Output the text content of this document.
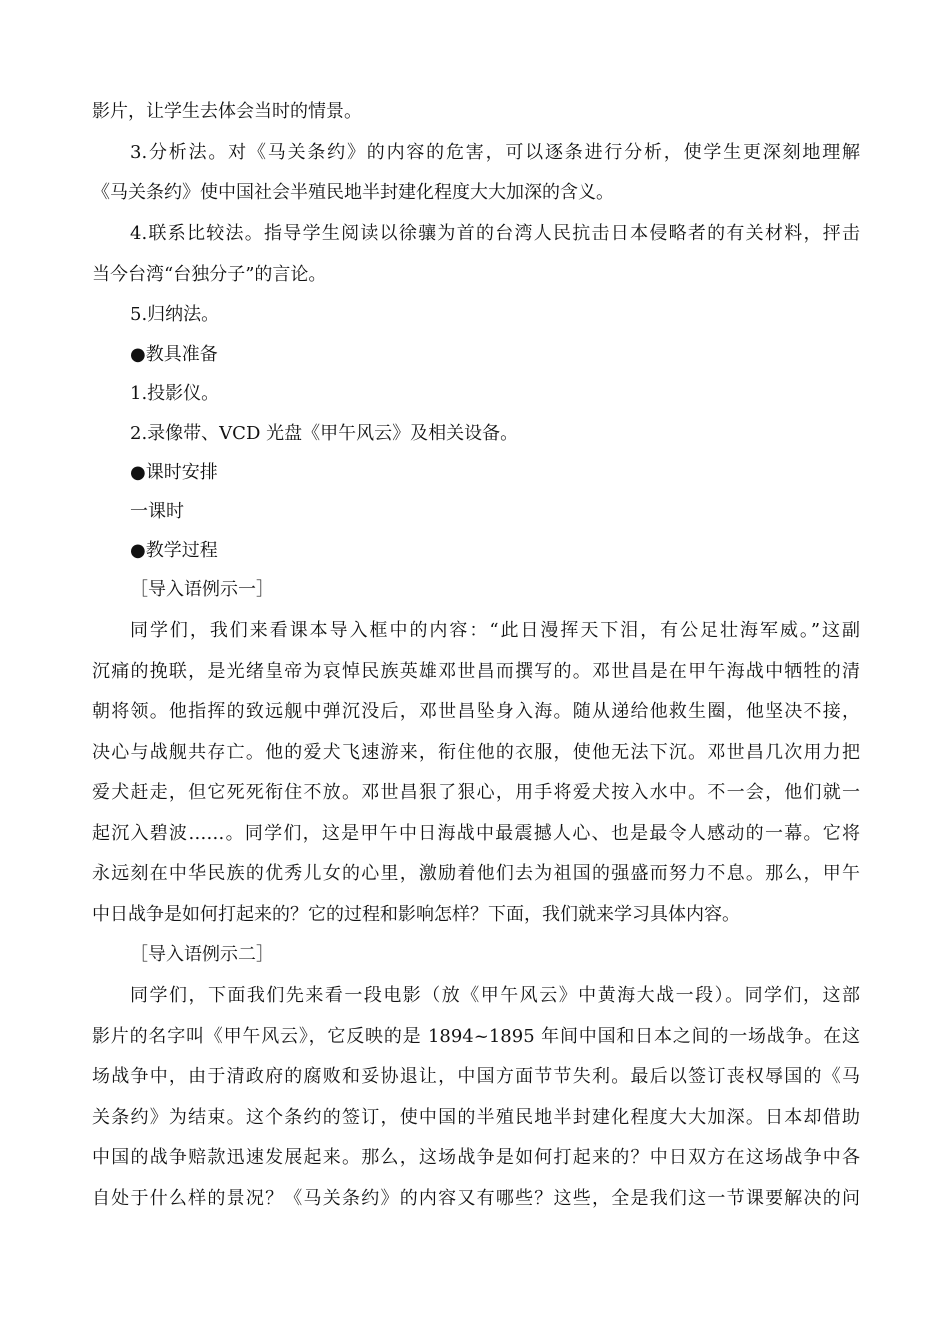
影片，让学生去体会当时的情景。
3.分析法。对《马关条约》的内容的危害，可以逐条进行分析，使学生更深刻地理解
《马关条约》使中国社会半殖民地半封建化程度大大加深的含义。
4.联系比较法。指导学生阅读以徐骧为首的台湾人民抗击日本侵略者的有关材料，抨击
当今台湾“台独分子”的言论。
5.归纳法。
●教具准备
1.投影仪。
2.录像带、VCD 光盘《甲午风云》及相关设备。
●课时安排
一课时
●教学过程
［导入语例示一］
同学们，我们来看课本导入框中的内容：“此日漫挥天下泪，有公足壮海军威。”这副
沉痛的挽联，是光绪皇帝为哀悼民族英雄邓世昌而撰写的。邓世昌是在甲午海战中牺牲的清
朝将领。他指挥的致远舰中弹沉没后，邓世昌坠身入海。随从递给他救生圈，他坚决不接，
决心与战舰共存亡。他的爱犬飞速游来，衔住他的衣服，使他无法下沉。邓世昌几次用力把
爱犬赶走，但它死死衔住不放。邓世昌狠了狠心，用手将爱犬按入水中。不一会，他们就一
起沉入碧波……。同学们，这是甲午中日海战中最震撼人心、也是最令人感动的一幕。它将
永远刻在中华民族的优秀儿女的心里，激励着他们去为祖国的强盛而努力不息。那么，甲午
中日战争是如何打起来的？它的过程和影响怎样？下面，我们就来学习具体内容。
［导入语例示二］
同学们，下面我们先来看一段电影（放《甲午风云》中黄海大战一段）。同学们，这部
影片的名字叫《甲午风云》，它反映的是 1894~1895 年间中国和日本之间的一场战争。在这
场战争中，由于清政府的腐败和妥协退让，中国方面节节失利。最后以签订丧权辱国的《马
关条约》为结束。这个条约的签订，使中国的半殖民地半封建化程度大大加深。日本却借助
中国的战争赔款迅速发展起来。那么，这场战争是如何打起来的？中日双方在这场战争中各
自处于什么样的景况？《马关条约》的内容又有哪些？这些，全是我们这一节课要解决的问
